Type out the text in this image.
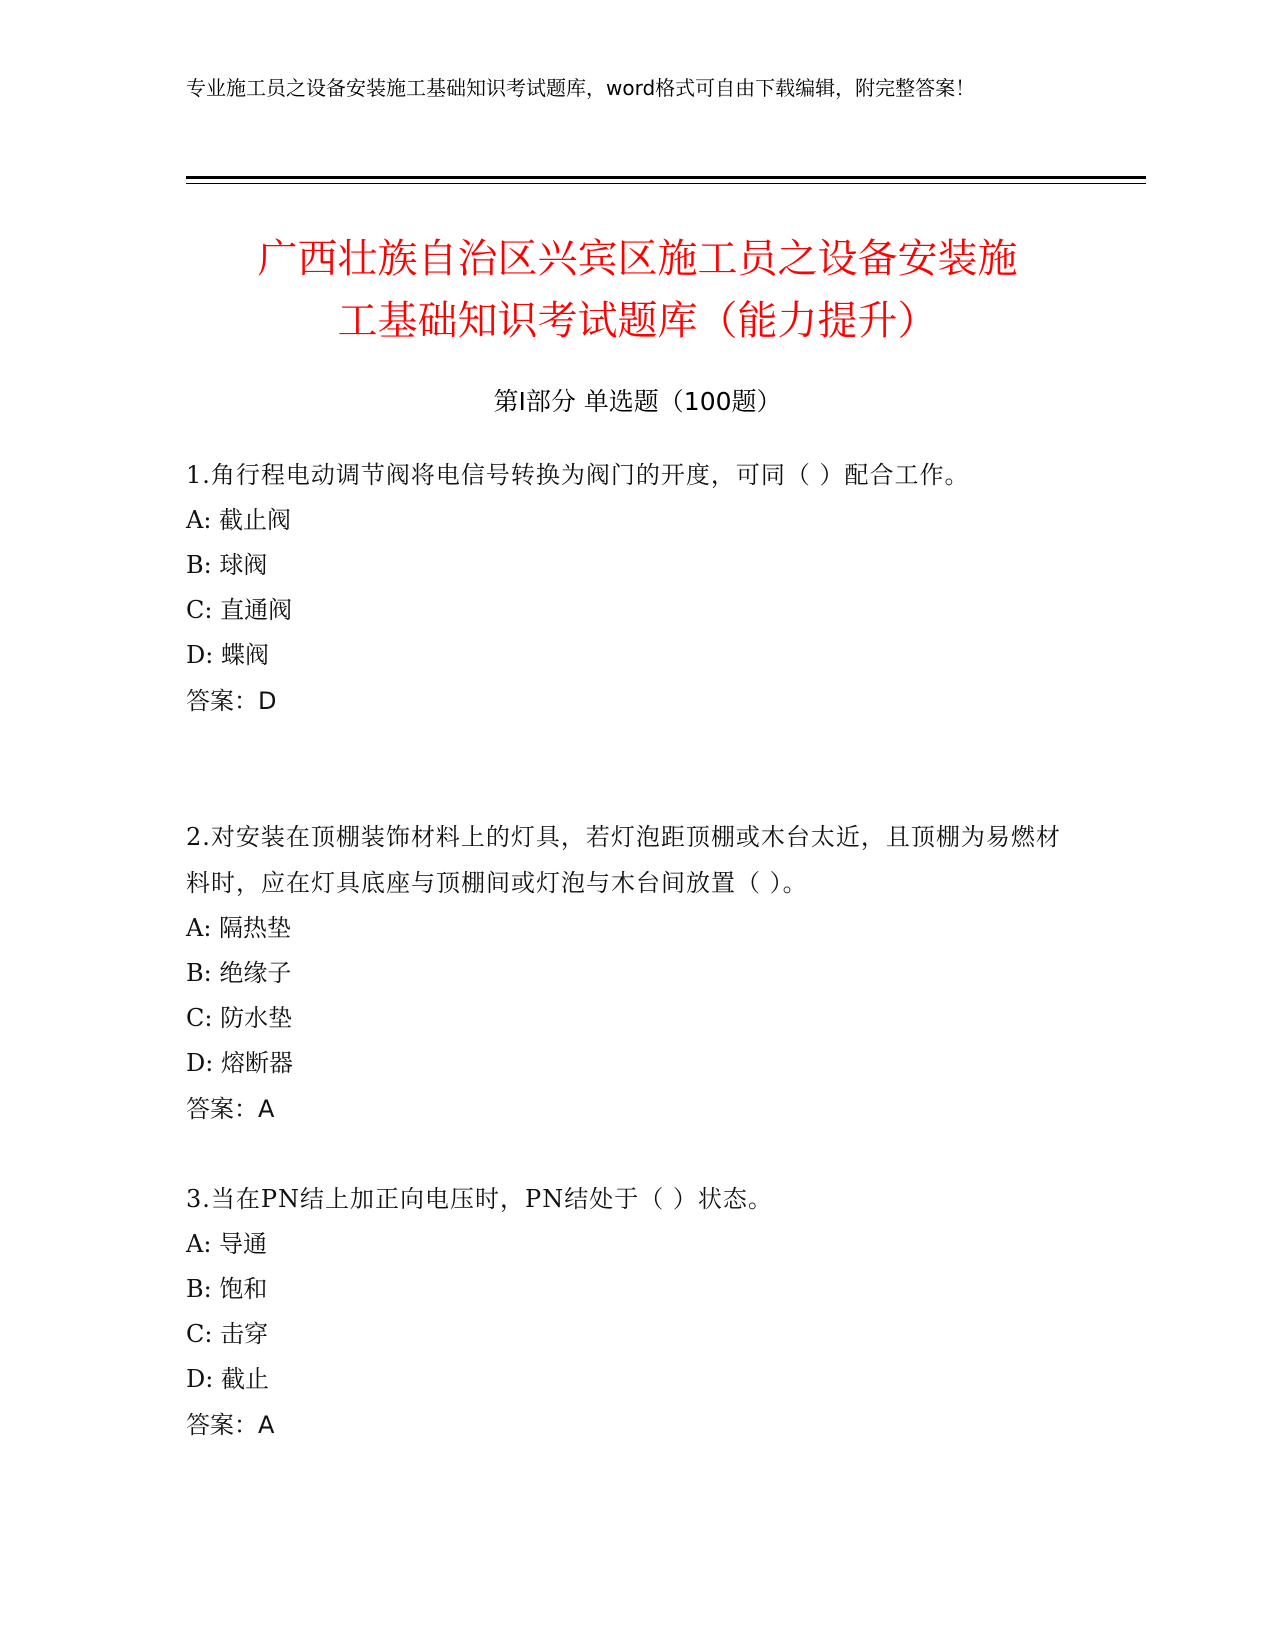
专业施工员之设备安装施工基础知识考试题库，word格式可自由下载编辑，附完整答案！
广西壮族自治区兴宾区施工员之设备安装施
工基础知识考试题库（能力提升）
第Ⅰ部分 单选题（100题）
1.角行程电动调节阀将电信号转换为阀门的开度，可同（ ）配合工作。
A: 截止阀
B: 球阀
C: 直通阀
D: 蝶阀
答案：D
2.对安装在顶棚装饰材料上的灯具，若灯泡距顶棚或木台太近，且顶棚为易燃材料时，应在灯具底座与顶棚间或灯泡与木台间放置（ ）。
A: 隔热垫
B: 绝缘子
C: 防水垫
D: 熔断器
答案：A
3.当在PN结上加正向电压时，PN结处于（ ）状态。
A: 导通
B: 饱和
C: 击穿
D: 截止
答案：A
